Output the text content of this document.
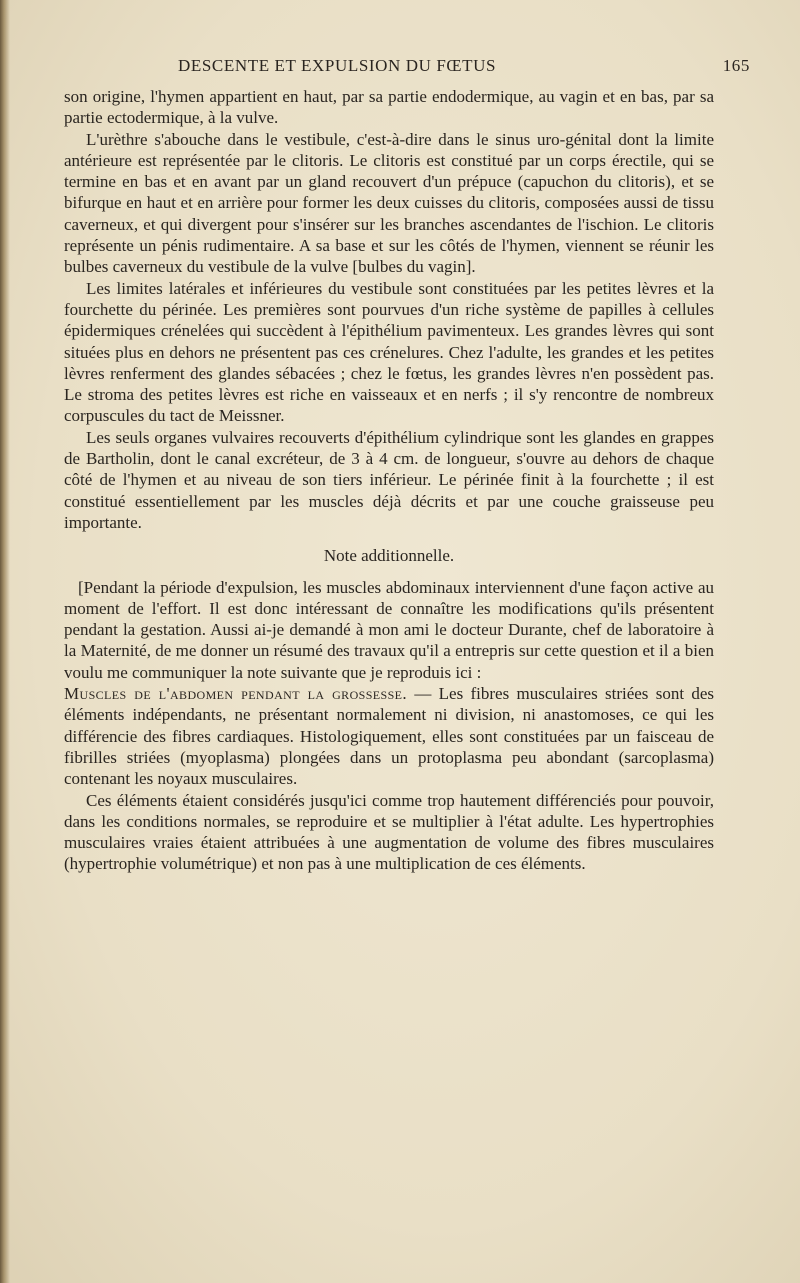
DESCENTE ET EXPULSION DU FŒTUS	165

son origine, l'hymen appartient en haut, par sa partie endodermique, au vagin et en bas, par sa partie ectodermique, à la vulve.

L'urèthre s'abouche dans le vestibule, c'est-à-dire dans le sinus uro-génital dont la limite antérieure est représentée par le clitoris. Le clitoris est constitué par un corps érectile, qui se termine en bas et en avant par un gland recouvert d'un prépuce (capuchon du clitoris), et se bifurque en haut et en arrière pour former les deux cuisses du clitoris, composées aussi de tissu caverneux, et qui divergent pour s'insérer sur les branches ascendantes de l'ischion. Le clitoris représente un pénis rudimentaire. A sa base et sur les côtés de l'hymen, viennent se réunir les bulbes caverneux du vestibule de la vulve [bulbes du vagin].

Les limites latérales et inférieures du vestibule sont constituées par les petites lèvres et la fourchette du périnée. Les premières sont pourvues d'un riche système de papilles à cellules épidermiques crénelées qui succèdent à l'épithélium pavimenteux. Les grandes lèvres qui sont situées plus en dehors ne présentent pas ces crénelures. Chez l'adulte, les grandes et les petites lèvres renferment des glandes sébacées ; chez le fœtus, les grandes lèvres n'en possèdent pas. Le stroma des petites lèvres est riche en vaisseaux et en nerfs ; il s'y rencontre de nombreux corpuscules du tact de Meissner.

Les seuls organes vulvaires recouverts d'épithélium cylindrique sont les glandes en grappes de Bartholin, dont le canal excréteur, de 3 à 4 cm. de longueur, s'ouvre au dehors de chaque côté de l'hymen et au niveau de son tiers inférieur. Le périnée finit à la fourchette ; il est constitué essentiellement par les muscles déjà décrits et par une couche graisseuse peu importante.

Note additionnelle.

[Pendant la période d'expulsion, les muscles abdominaux interviennent d'une façon active au moment de l'effort. Il est donc intéressant de connaître les modifications qu'ils présentent pendant la gestation. Aussi ai-je demandé à mon ami le docteur Durante, chef de laboratoire à la Maternité, de me donner un résumé des travaux qu'il a entrepris sur cette question et il a bien voulu me communiquer la note suivante que je reproduis ici :

Muscles de l'abdomen pendant la grossesse. — Les fibres musculaires striées sont des éléments indépendants, ne présentant normalement ni division, ni anastomoses, ce qui les différencie des fibres cardiaques. Histologiquement, elles sont constituées par un faisceau de fibrilles striées (myoplasma) plongées dans un protoplasma peu abondant (sarcoplasma) contenant les noyaux musculaires.

Ces éléments étaient considérés jusqu'ici comme trop hautement différenciés pour pouvoir, dans les conditions normales, se reproduire et se multiplier à l'état adulte. Les hypertrophies musculaires vraies étaient attribuées à une augmentation de volume des fibres musculaires (hypertrophie volumétrique) et non pas à une multiplication de ces éléments.
